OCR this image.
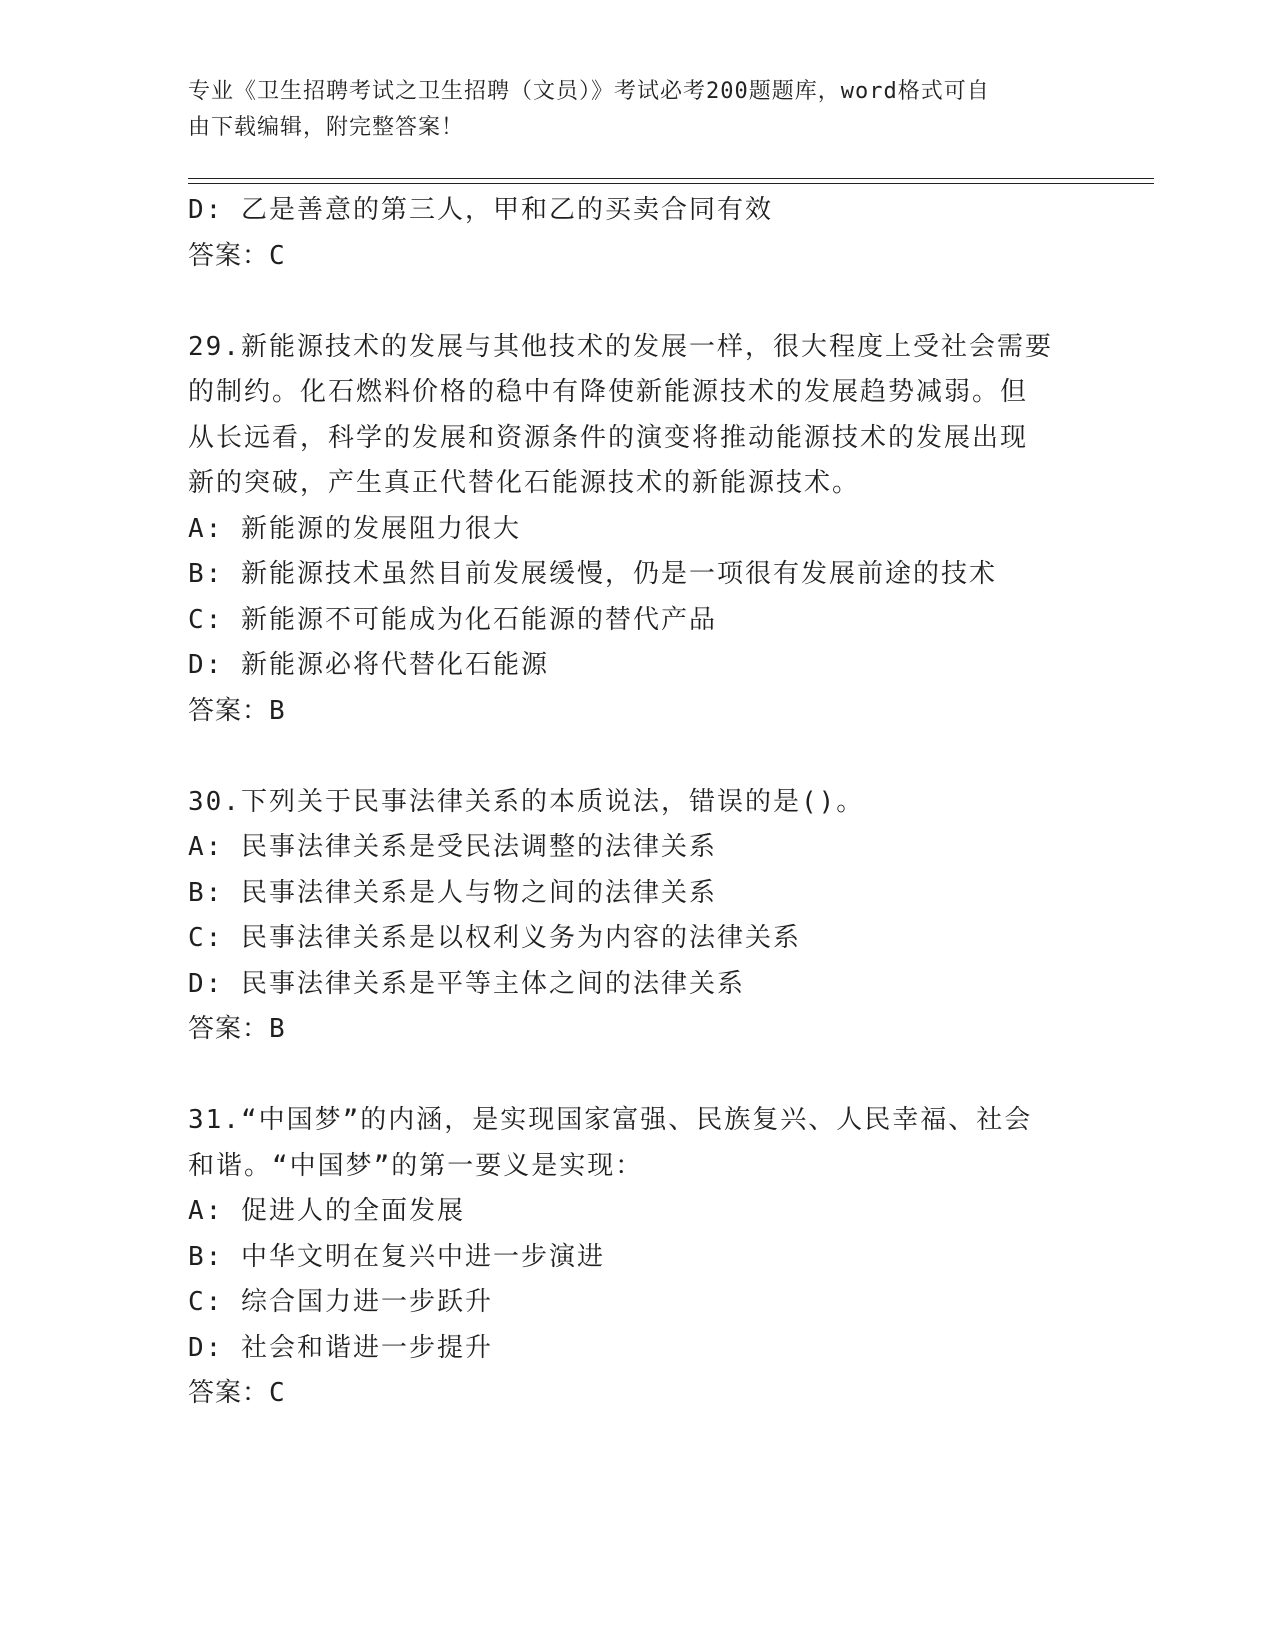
专业《卫生招聘考试之卫生招聘（文员）》考试必考200题题库，word格式可自
由下载编辑，附完整答案！
D: 乙是善意的第三人，甲和乙的买卖合同有效
答案：C
29.新能源技术的发展与其他技术的发展一样，很大程度上受社会需要
的制约。化石燃料价格的稳中有降使新能源技术的发展趋势减弱。但
从长远看，科学的发展和资源条件的演变将推动能源技术的发展出现
新的突破，产生真正代替化石能源技术的新能源技术。
A: 新能源的发展阻力很大
B: 新能源技术虽然目前发展缓慢，仍是一项很有发展前途的技术
C: 新能源不可能成为化石能源的替代产品
D: 新能源必将代替化石能源
答案：B
30.下列关于民事法律关系的本质说法，错误的是()。
A: 民事法律关系是受民法调整的法律关系
B: 民事法律关系是人与物之间的法律关系
C: 民事法律关系是以权利义务为内容的法律关系
D: 民事法律关系是平等主体之间的法律关系
答案：B
31.“中国梦”的内涵，是实现国家富强、民族复兴、人民幸福、社会
和谐。“中国梦”的第一要义是实现：
A: 促进人的全面发展
B: 中华文明在复兴中进一步演进
C: 综合国力进一步跃升
D: 社会和谐进一步提升
答案：C
